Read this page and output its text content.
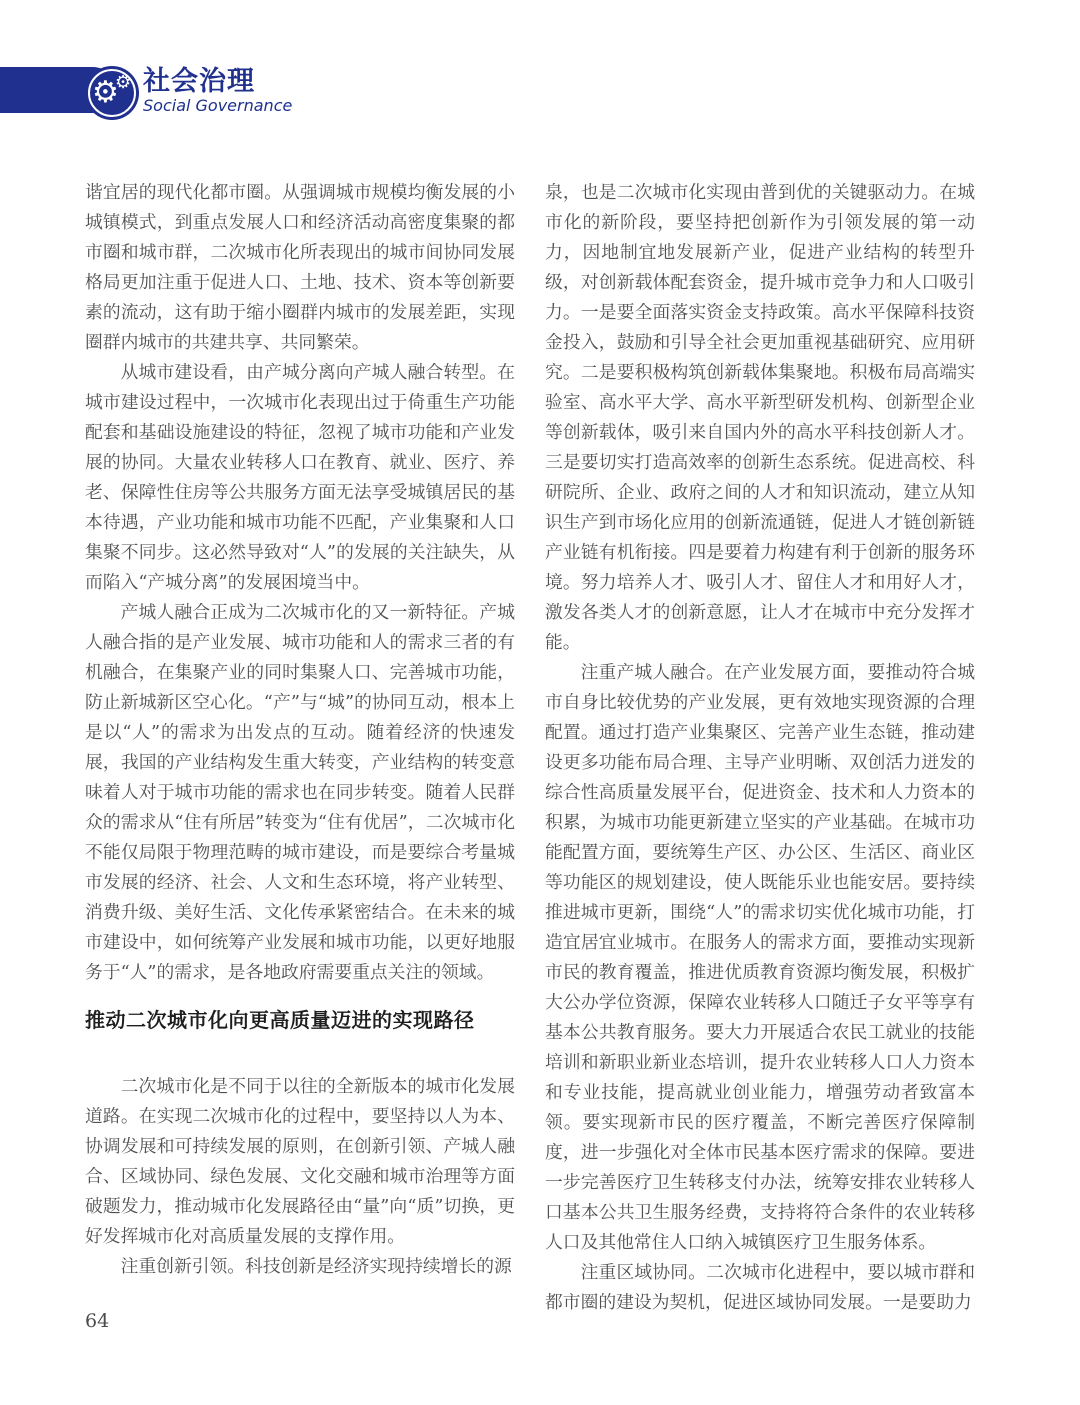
⚙
⚙ 社会治理
Social Governance

谐宜居的现代化都市圈。从强调城市规模均衡发展的小城镇模式，到重点发展人口和经济活动高密度集聚的都市圈和城市群，二次城市化所表现出的城市间协同发展格局更加注重于促进人口、土地、技术、资本等创新要素的流动，这有助于缩小圈群内城市的发展差距，实现圈群内城市的共建共享、共同繁荣。

从城市建设看，由产城分离向产城人融合转型。在城市建设过程中，一次城市化表现出过于倚重生产功能配套和基础设施建设的特征，忽视了城市功能和产业发展的协同。大量农业转移人口在教育、就业、医疗、养老、保障性住房等公共服务方面无法享受城镇居民的基本待遇，产业功能和城市功能不匹配，产业集聚和人口集聚不同步。这必然导致对“人”的发展的关注缺失，从而陷入“产城分离”的发展困境当中。

产城人融合正成为二次城市化的又一新特征。产城人融合指的是产业发展、城市功能和人的需求三者的有机融合，在集聚产业的同时集聚人口、完善城市功能，防止新城新区空心化。“产”与“城”的协同互动，根本上是以“人”的需求为出发点的互动。随着经济的快速发展，我国的产业结构发生重大转变，产业结构的转变意味着人对于城市功能的需求也在同步转变。随着人民群众的需求从“住有所居”转变为“住有优居”，二次城市化不能仅局限于物理范畴的城市建设，而是要综合考量城市发展的经济、社会、人文和生态环境，将产业转型、消费升级、美好生活、文化传承紧密结合。在未来的城市建设中，如何统筹产业发展和城市功能，以更好地服务于“人”的需求，是各地政府需要重点关注的领域。

推动二次城市化向更高质量迈进的实现路径

二次城市化是不同于以往的全新版本的城市化发展道路。在实现二次城市化的过程中，要坚持以人为本、协调发展和可持续发展的原则，在创新引领、产城人融合、区域协同、绿色发展、文化交融和城市治理等方面破题发力，推动城市化发展路径由“量”向“质”切换，更好发挥城市化对高质量发展的支撑作用。

注重创新引领。科技创新是经济实现持续增长的源

泉，也是二次城市化实现由普到优的关键驱动力。在城市化的新阶段，要坚持把创新作为引领发展的第一动力，因地制宜地发展新产业，促进产业结构的转型升级，对创新载体配套资金，提升城市竞争力和人口吸引力。一是要全面落实资金支持政策。高水平保障科技资金投入，鼓励和引导全社会更加重视基础研究、应用研究。二是要积极构筑创新载体集聚地。积极布局高端实验室、高水平大学、高水平新型研发机构、创新型企业等创新载体，吸引来自国内外的高水平科技创新人才。三是要切实打造高效率的创新生态系统。促进高校、科研院所、企业、政府之间的人才和知识流动，建立从知识生产到市场化应用的创新流通链，促进人才链创新链产业链有机衔接。四是要着力构建有利于创新的服务环境。努力培养人才、吸引人才、留住人才和用好人才，激发各类人才的创新意愿，让人才在城市中充分发挥才能。

注重产城人融合。在产业发展方面，要推动符合城市自身比较优势的产业发展，更有效地实现资源的合理配置。通过打造产业集聚区、完善产业生态链，推动建设更多功能布局合理、主导产业明晰、双创活力迸发的综合性高质量发展平台，促进资金、技术和人力资本的积累，为城市功能更新建立坚实的产业基础。在城市功能配置方面，要统筹生产区、办公区、生活区、商业区等功能区的规划建设，使人既能乐业也能安居。要持续推进城市更新，围绕“人”的需求切实优化城市功能，打造宜居宜业城市。在服务人的需求方面，要推动实现新市民的教育覆盖，推进优质教育资源均衡发展，积极扩大公办学位资源，保障农业转移人口随迁子女平等享有基本公共教育服务。要大力开展适合农民工就业的技能培训和新职业新业态培训，提升农业转移人口人力资本和专业技能，提高就业创业能力，增强劳动者致富本领。要实现新市民的医疗覆盖，不断完善医疗保障制度，进一步强化对全体市民基本医疗需求的保障。要进一步完善医疗卫生转移支付办法，统筹安排农业转移人口基本公共卫生服务经费，支持将符合条件的农业转移人口及其他常住人口纳入城镇医疗卫生服务体系。

注重区域协同。二次城市化进程中，要以城市群和都市圈的建设为契机，促进区域协同发展。一是要助力

64
